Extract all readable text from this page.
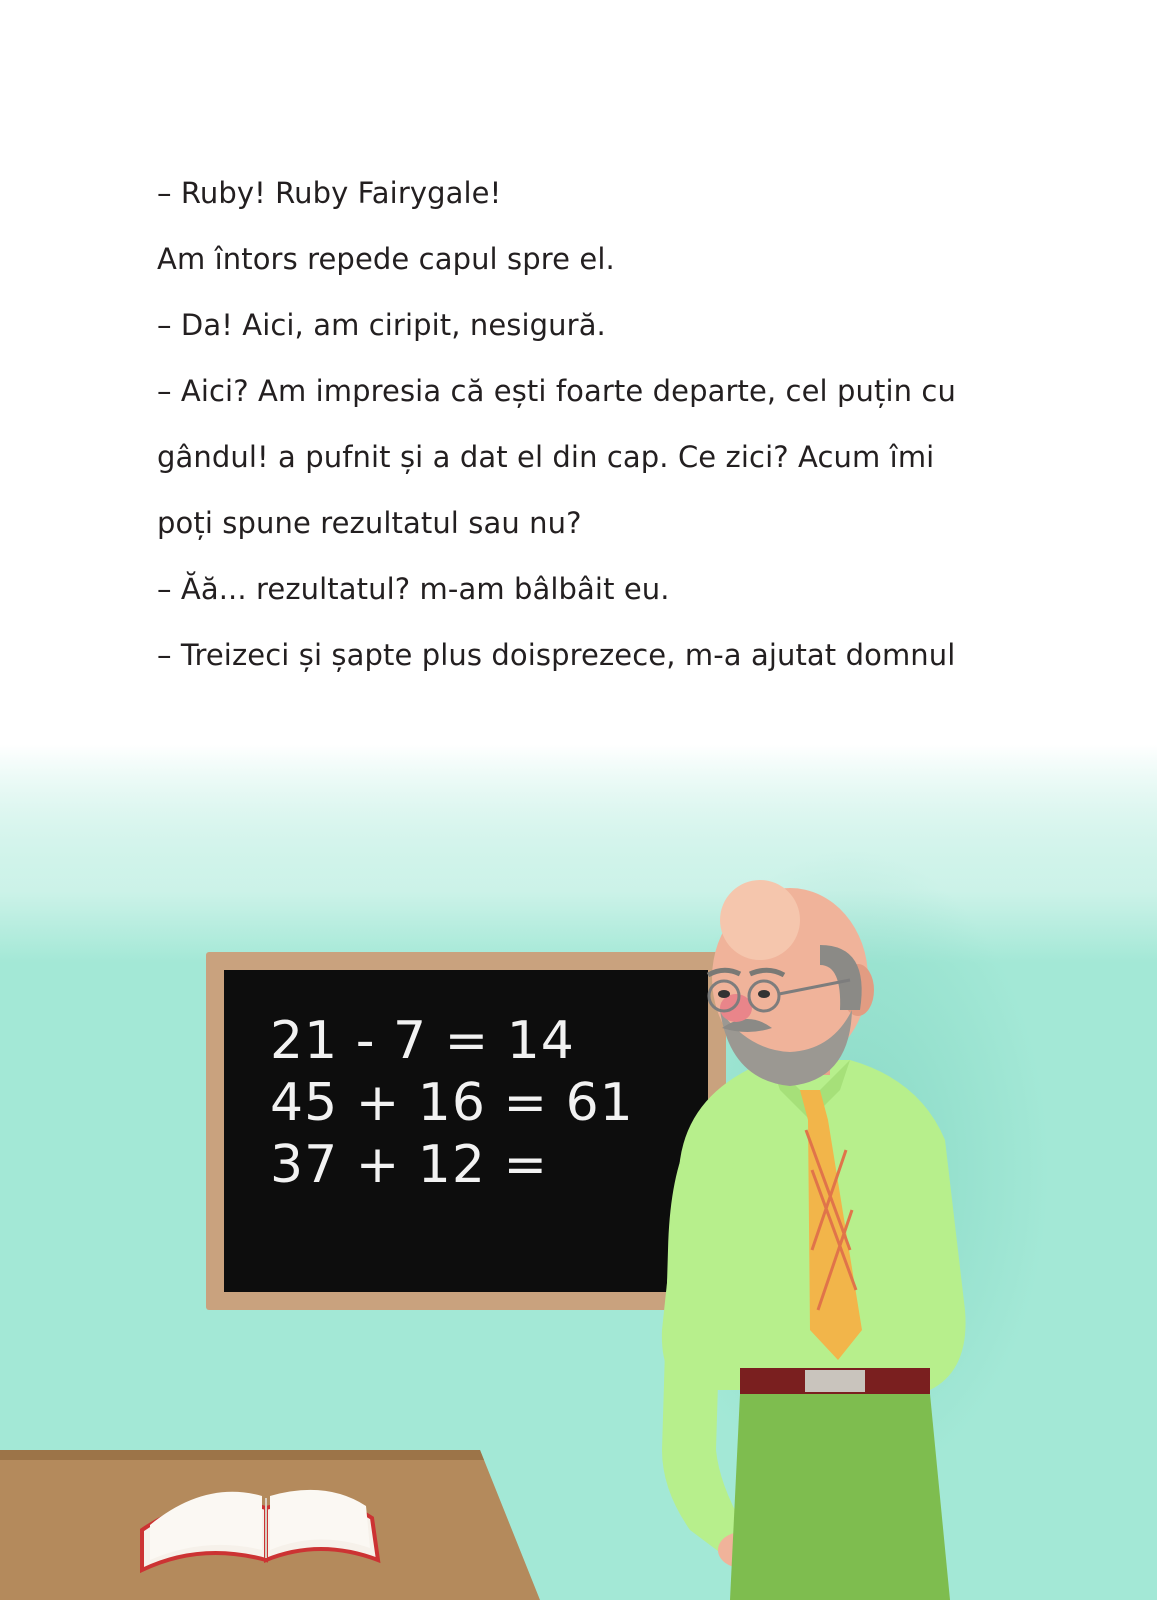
– Ruby! Ruby Fairygale!
Am întors repede capul spre el.
– Da! Aici, am ciripit, nesigură.
– Aici? Am impresia că ești foarte departe, cel puțin cu
gândul! a pufnit și a dat el din cap. Ce zici? Acum îmi
poți spune rezultatul sau nu?
– Ăă... rezultatul? m-am bâlbâit eu.
– Treizeci și șapte plus doisprezece, m-a ajutat domnul
21 - 7 = 14
45 + 16 = 61
37 + 12 =
